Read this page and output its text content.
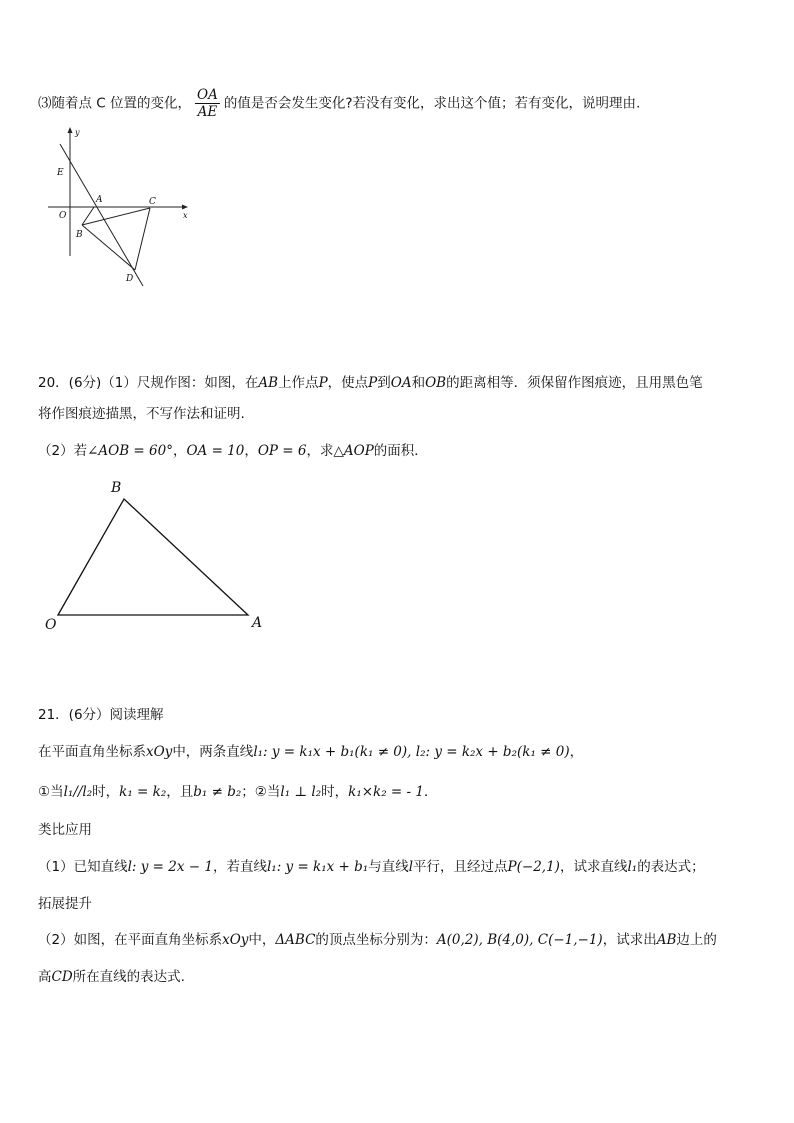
⑶随着点 C 位置的变化， $\frac{OA}{AE}$ 的值是否会发生变化?若没有变化，求出这个值；若有变化，说明理由.
y
x
E
O
A	C
B
D
20．(6分)（1）尺规作图：如图，在AB上作点P，使点P到OA和OB的距离相等．须保留作图痕迹，且用黑色笔
将作图痕迹描黑，不写作法和证明.
（2）若∠AOB = 60°，OA = 10，OP = 6，求△AOP的面积．
B
O	A
21．(6分）阅读理解
在平面直角坐标系xOy中，两条直线l₁: y = k₁x + b₁(k₁ ≠ 0), l₂: y = k₂x + b₂(k₁ ≠ 0)，
①当l₁//l₂时，k₁ = k₂，且b₁ ≠ b₂；②当l₁ ⊥ l₂时，k₁×k₂ = - 1．
类比应用
（1）已知直线l: y = 2x − 1，若直线l₁: y = k₁x + b₁与直线l平行，且经过点P(−2,1)，试求直线l₁的表达式；
拓展提升
（2）如图，在平面直角坐标系xOy中，ΔABC的顶点坐标分别为：A(0,2), B(4,0), C(−1,−1)，试求出AB边上的
高CD所在直线的表达式.
